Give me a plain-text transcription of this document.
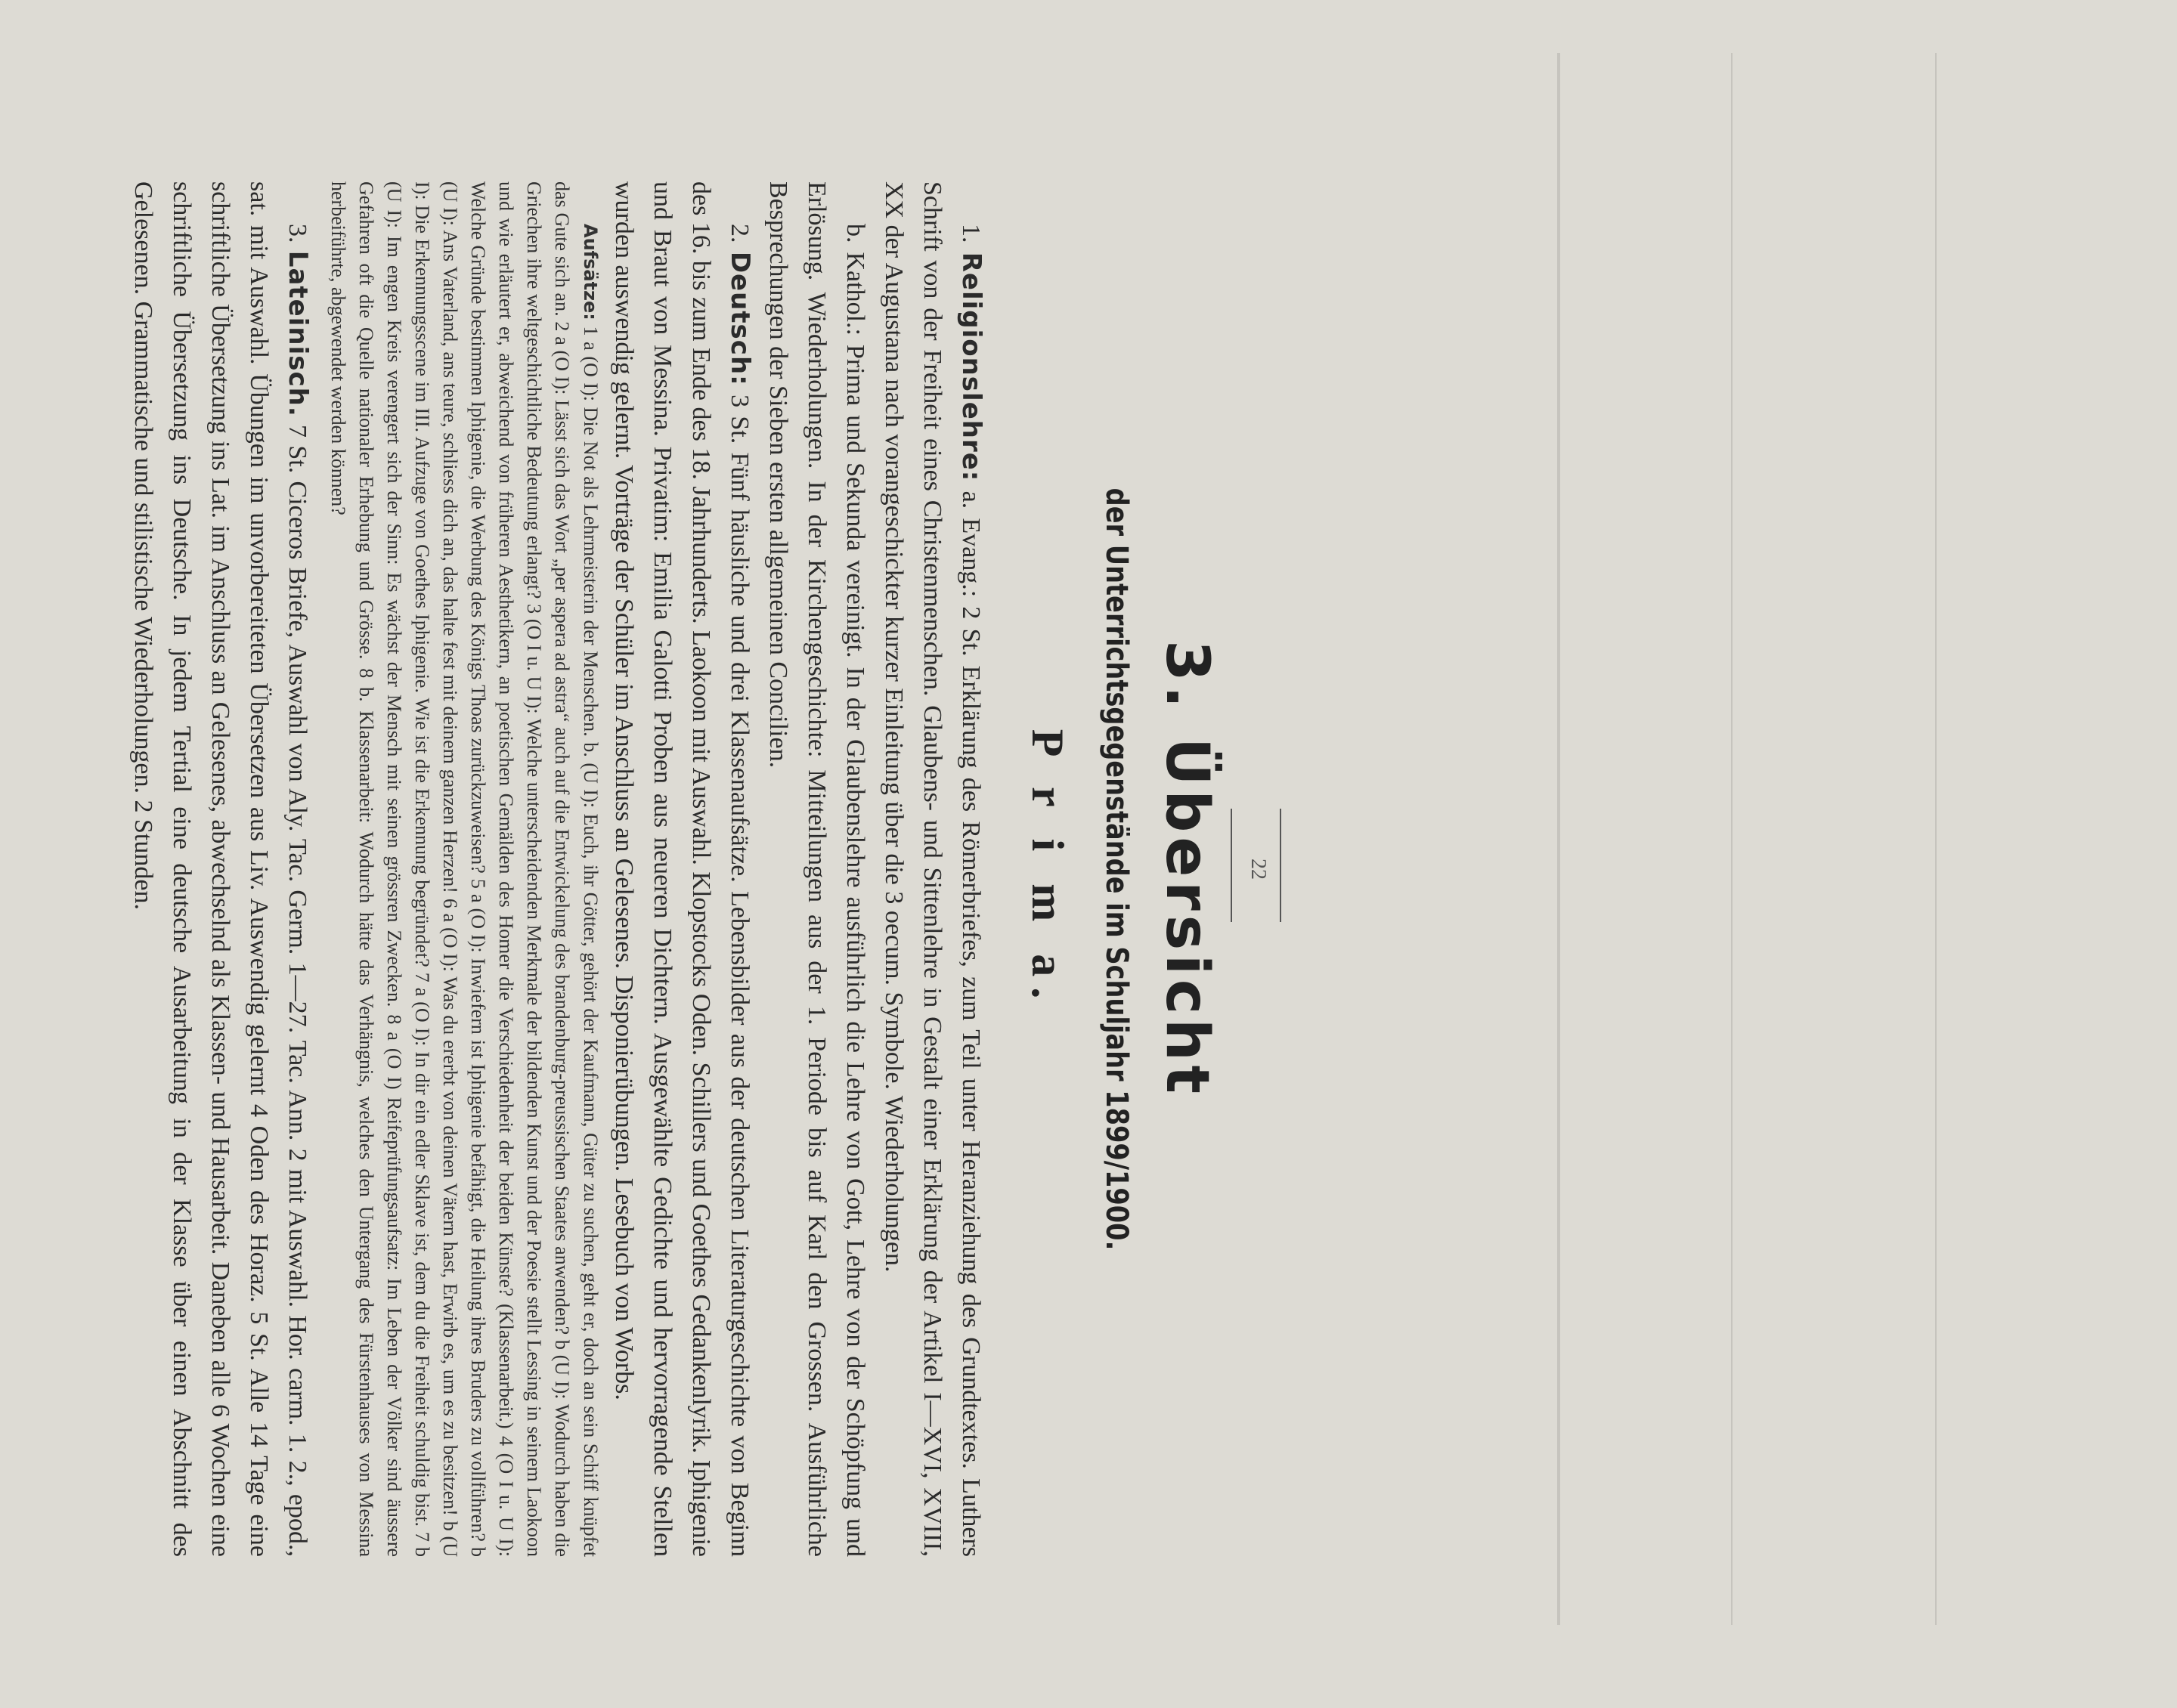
22
3. Übersicht
der Unterrichtsgegenstände im Schuljahr 1899/1900.
P r i m a.

1. Religionslehre: a. Evang.: 2 St. Erklärung des Römerbriefes, zum Teil unter Heranziehung des Grundtextes. Luthers Schrift von der Freiheit eines Christenmenschen. Glaubens- und Sittenlehre in Gestalt einer Erklärung der Artikel I—XVI, XVIII, XX der Augustana nach vorangeschickter kurzer Einleitung über die 3 oecum. Symbole. Wiederholungen.

b. Kathol.: Prima und Sekunda vereinigt. In der Glaubenslehre ausführlich die Lehre von Gott, Lehre von der Schöpfung und Erlösung. Wiederholungen. In der Kirchengeschichte: Mitteilungen aus der 1. Periode bis auf Karl den Grossen. Ausführliche Besprechungen der Sieben ersten allgemeinen Concilien.

2. Deutsch: 3 St. Fünf häusliche und drei Klassenaufsätze. Lebensbilder aus der deutschen Literaturgeschichte von Beginn des 16. bis zum Ende des 18. Jahrhunderts. Laokoon mit Auswahl. Klopstocks Oden. Schillers und Goethes Gedankenlyrik. Iphigenie und Braut von Messina. Privatim: Emilia Galotti Proben aus neueren Dichtern. Ausgewählte Gedichte und hervorragende Stellen wurden auswendig gelernt. Vorträge der Schüler im Anschluss an Gelesenes. Disponierübungen. Lesebuch von Worbs.

Aufsätze: 1 a (O I): Die Not als Lehrmeisterin der Menschen. b. (U I): Euch, ihr Götter, gehört der Kaufmann, Güter zu suchen, geht er, doch an sein Schiff knüpfet das Gute sich an. 2 a (O I): Lässt sich das Wort „per aspera ad astra“ auch auf die Entwickelung des brandenburg-preussischen Staates anwenden? b (U I): Wodurch haben die Griechen ihre weltgeschichtliche Bedeutung erlangt? 3 (O I u. U I): Welche unterscheidenden Merkmale der bildenden Kunst und der Poesie stellt Lessing in seinem Laokoon und wie erläutert er, abweichend von früheren Aesthetikern, an poetischen Gemälden des Homer die Verschiedenheit der beiden Künste? (Klassenarbeit.) 4 (O I u. U I): Welche Gründe bestimmen Iphigenie, die Werbung des Königs Thoas zurückzuweisen? 5 a (O I): Inwiefern ist Iphigenie befähigt, die Heilung ihres Bruders zu vollführen? b (U I): Ans Vaterland, ans teure, schliess dich an, das halte fest mit deinem ganzen Herzen! 6 a (O I): Was du ererbt von deinen Vätern hast, Erwirb es, um es zu besitzen! b (U I): Die Erkennungsscene im III. Aufzuge von Goethes Iphigenie. Wie ist die Erkennung begründet? 7 a (O I): In dir ein edler Sklave ist, dem du die Freiheit schuldig bist. 7 b (U I): Im engen Kreis verengert sich der Sinn: Es wächst der Mensch mit seinen grössren Zwecken. 8 a (O I) Reifeprüfungsaufsatz: Im Leben der Völker sind äussere Gefahren oft die Quelle nationaler Erhebung und Grösse. 8 b. Klassenarbeit: Wodurch hätte das Verhängnis, welches den Untergang des Fürstenhauses von Messina herbeiführte, abgewendet werden können?

3. Lateinisch. 7 St. Ciceros Briefe, Auswahl von Aly. Tac. Germ. 1—27. Tac. Ann. 2 mit Auswahl. Hor. carm. 1. 2., epod., sat. mit Auswahl. Übungen im unvorbereiteten Übersetzen aus Liv. Auswendig gelernt 4 Oden des Horaz. 5 St. Alle 14 Tage eine schriftliche Übersetzung ins Lat. im Anschluss an Gelesenes, abwechselnd als Klassen- und Hausarbeit. Daneben alle 6 Wochen eine schriftliche Übersetzung ins Deutsche. In jedem Tertial eine deutsche Ausarbeitung in der Klasse über einen Abschnitt des Gelesenen. Grammatische und stilistische Wiederholungen. 2 Stunden.
